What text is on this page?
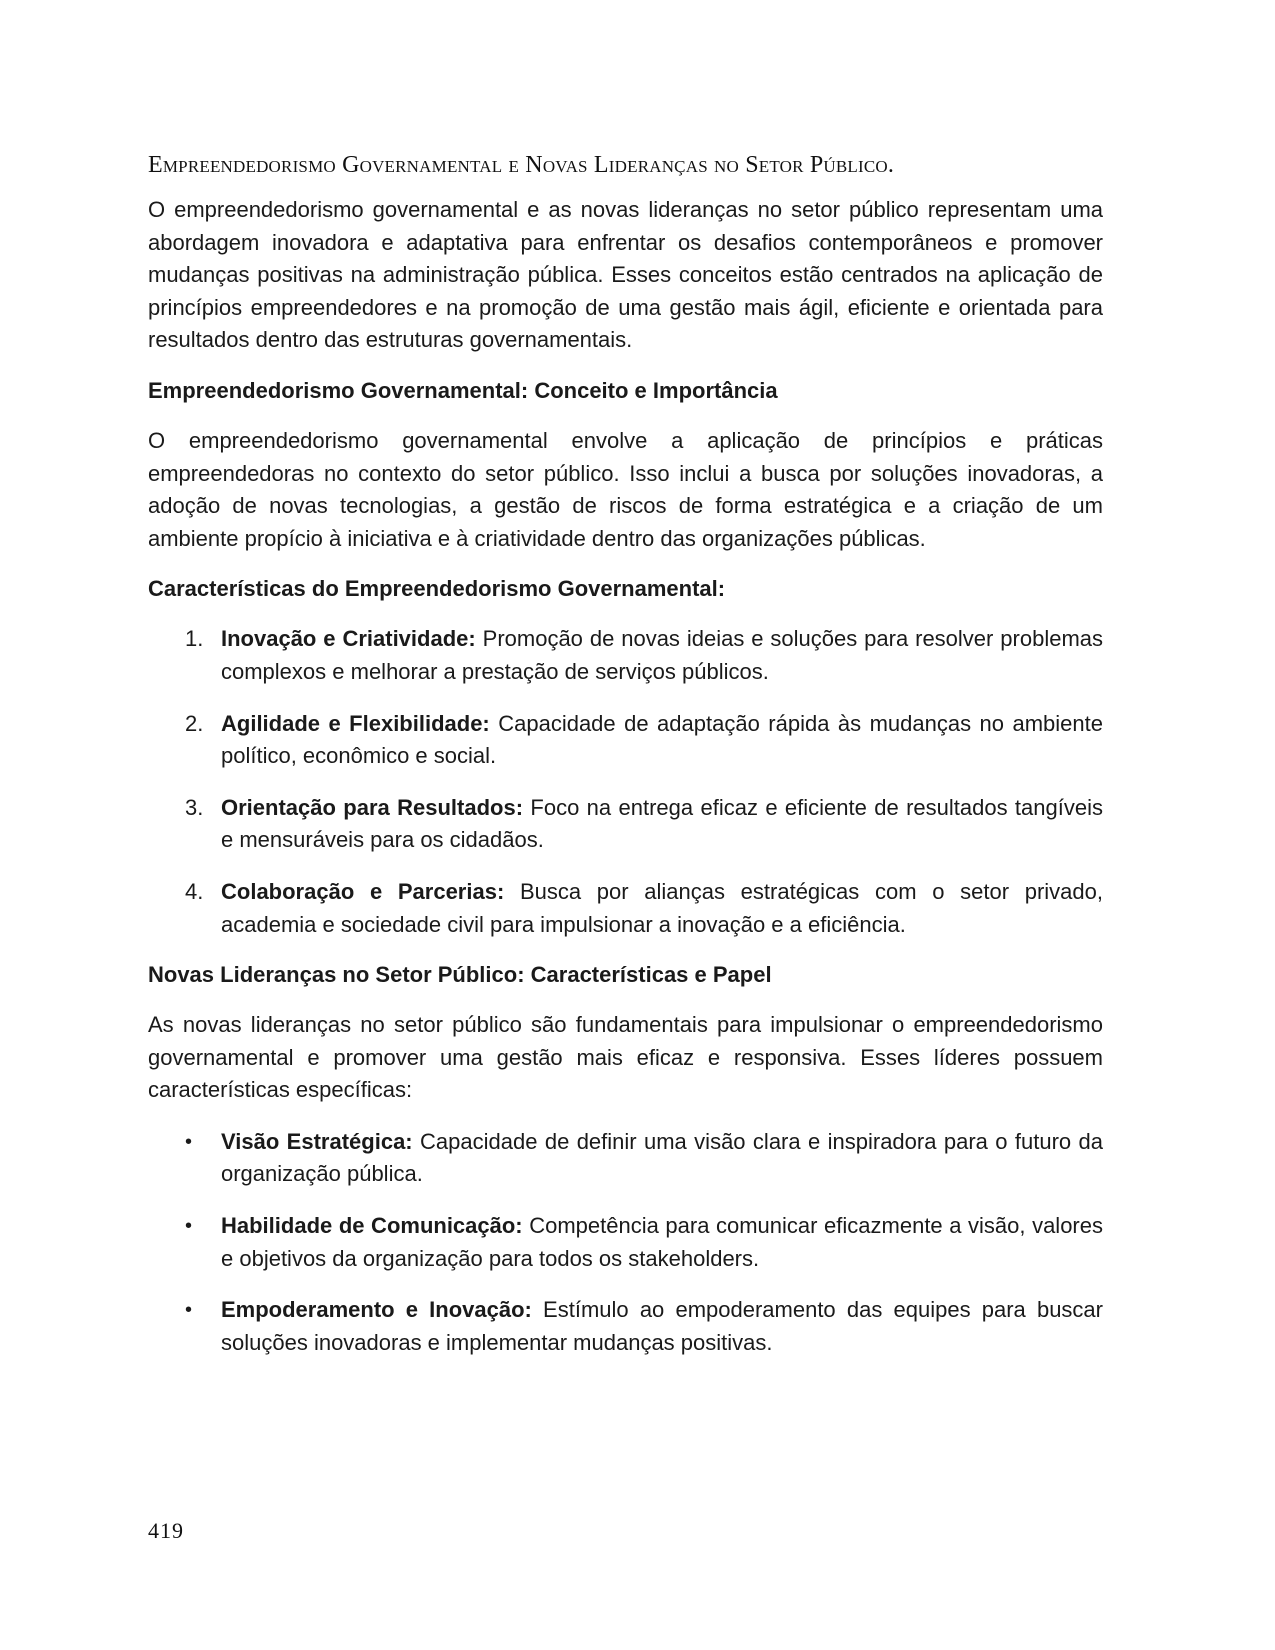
Empreendedorismo Governamental e Novas Lideranças no Setor Público.

O empreendedorismo governamental e as novas lideranças no setor público representam uma abordagem inovadora e adaptativa para enfrentar os desafios contemporâneos e promover mudanças positivas na administração pública. Esses conceitos estão centrados na aplicação de princípios empreendedores e na promoção de uma gestão mais ágil, eficiente e orientada para resultados dentro das estruturas governamentais.

Empreendedorismo Governamental: Conceito e Importância

O empreendedorismo governamental envolve a aplicação de princípios e práticas empreendedoras no contexto do setor público. Isso inclui a busca por soluções inovadoras, a adoção de novas tecnologias, a gestão de riscos de forma estratégica e a criação de um ambiente propício à iniciativa e à criatividade dentro das organizações públicas.

Características do Empreendedorismo Governamental:
1. Inovação e Criatividade: Promoção de novas ideias e soluções para resolver problemas complexos e melhorar a prestação de serviços públicos.
2. Agilidade e Flexibilidade: Capacidade de adaptação rápida às mudanças no ambiente político, econômico e social.
3. Orientação para Resultados: Foco na entrega eficaz e eficiente de resultados tangíveis e mensuráveis para os cidadãos.
4. Colaboração e Parcerias: Busca por alianças estratégicas com o setor privado, academia e sociedade civil para impulsionar a inovação e a eficiência.
Novas Lideranças no Setor Público: Características e Papel

As novas lideranças no setor público são fundamentais para impulsionar o empreendedorismo governamental e promover uma gestão mais eficaz e responsiva. Esses líderes possuem características específicas:

• Visão Estratégica: Capacidade de definir uma visão clara e inspiradora para o futuro da organização pública.
• Habilidade de Comunicação: Competência para comunicar eficazmente a visão, valores e objetivos da organização para todos os stakeholders.
• Empoderamento e Inovação: Estímulo ao empoderamento das equipes para buscar soluções inovadoras e implementar mudanças positivas.
419
